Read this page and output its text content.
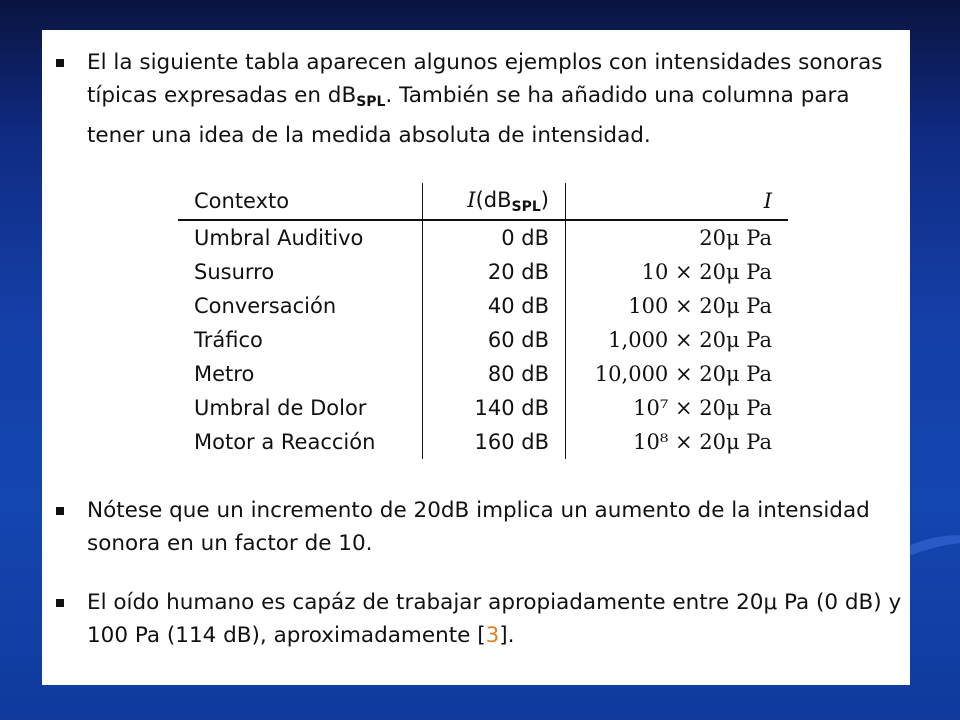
El la siguiente tabla aparecen algunos ejemplos con intensidades sonoras típicas expresadas en $dB_{SPL}$. También se ha añadido una columna para tener una idea de la medida absoluta de intensidad.
Contexto	$I(dB_{SPL})$	I
Umbral Auditivo	0 dB	20μ Pa
Susurro	20 dB	10 × 20μ Pa
Conversación	40 dB	100 × 20μ Pa
Tráfico	60 dB	1,000 × 20μ Pa
Metro	80 dB	10,000 × 20μ Pa
Umbral de Dolor	140 dB	10⁷ × 20μ Pa
Motor a Reacción	160 dB	10⁸ × 20μ Pa
Nótese que un incremento de 20dB implica un aumento de la intensidad sonora en un factor de 10.
El oído humano es capáz de trabajar apropiadamente entre 20μ Pa (0 dB) y 100 Pa (114 dB), aproximadamente [3].
